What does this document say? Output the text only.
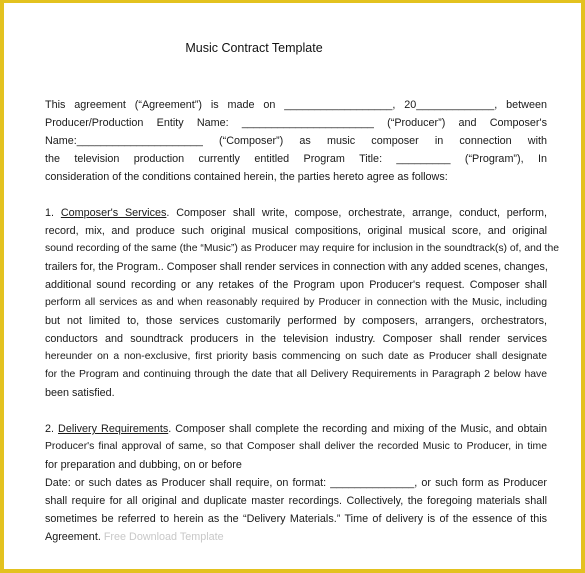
Music Contract Template
This agreement (“Agreement”) is made on __________________, 20_____________, between
Producer/Production Entity Name: ______________________ (“Producer”) and Composer's
Name:_____________________ (“Composer”) as music composer in connection with
the television production currently entitled Program Title: _________ (“Program”), In
consideration of the conditions contained herein, the parties hereto agree as follows:
1. Composer's Services. Composer shall write, compose, orchestrate, arrange, conduct, perform,
record, mix, and produce such original musical compositions, original musical score, and original
sound recording of the same (the “Music”) as Producer may require for inclusion in the soundtrack(s) of, and the
trailers for, the Program.. Composer shall render services in connection with any added scenes, changes,
additional sound recording or any retakes of the Program upon Producer's request. Composer shall
perform all services as and when reasonably required by Producer in connection with the Music, including
but not limited to, those services customarily performed by composers, arrangers, orchestrators,
conductors and soundtrack producers in the television industry. Composer shall render services
hereunder on a non-exclusive, first priority basis commencing on such date as Producer shall designate
for the Program and continuing through the date that all Delivery Requirements in Paragraph 2 below have
been satisfied.
2. Delivery Requirements. Composer shall complete the recording and mixing of the Music, and obtain
Producer's final approval of same, so that Composer shall deliver the recorded Music to Producer, in time
for preparation and dubbing, on or before
Date: or such dates as Producer shall require, on format: ______________, or such form as Producer
shall require for all original and duplicate master recordings. Collectively, the foregoing materials shall
sometimes be referred to herein as the “Delivery Materials.” Time of delivery is of the essence of this
Agreement. Free Download Template
